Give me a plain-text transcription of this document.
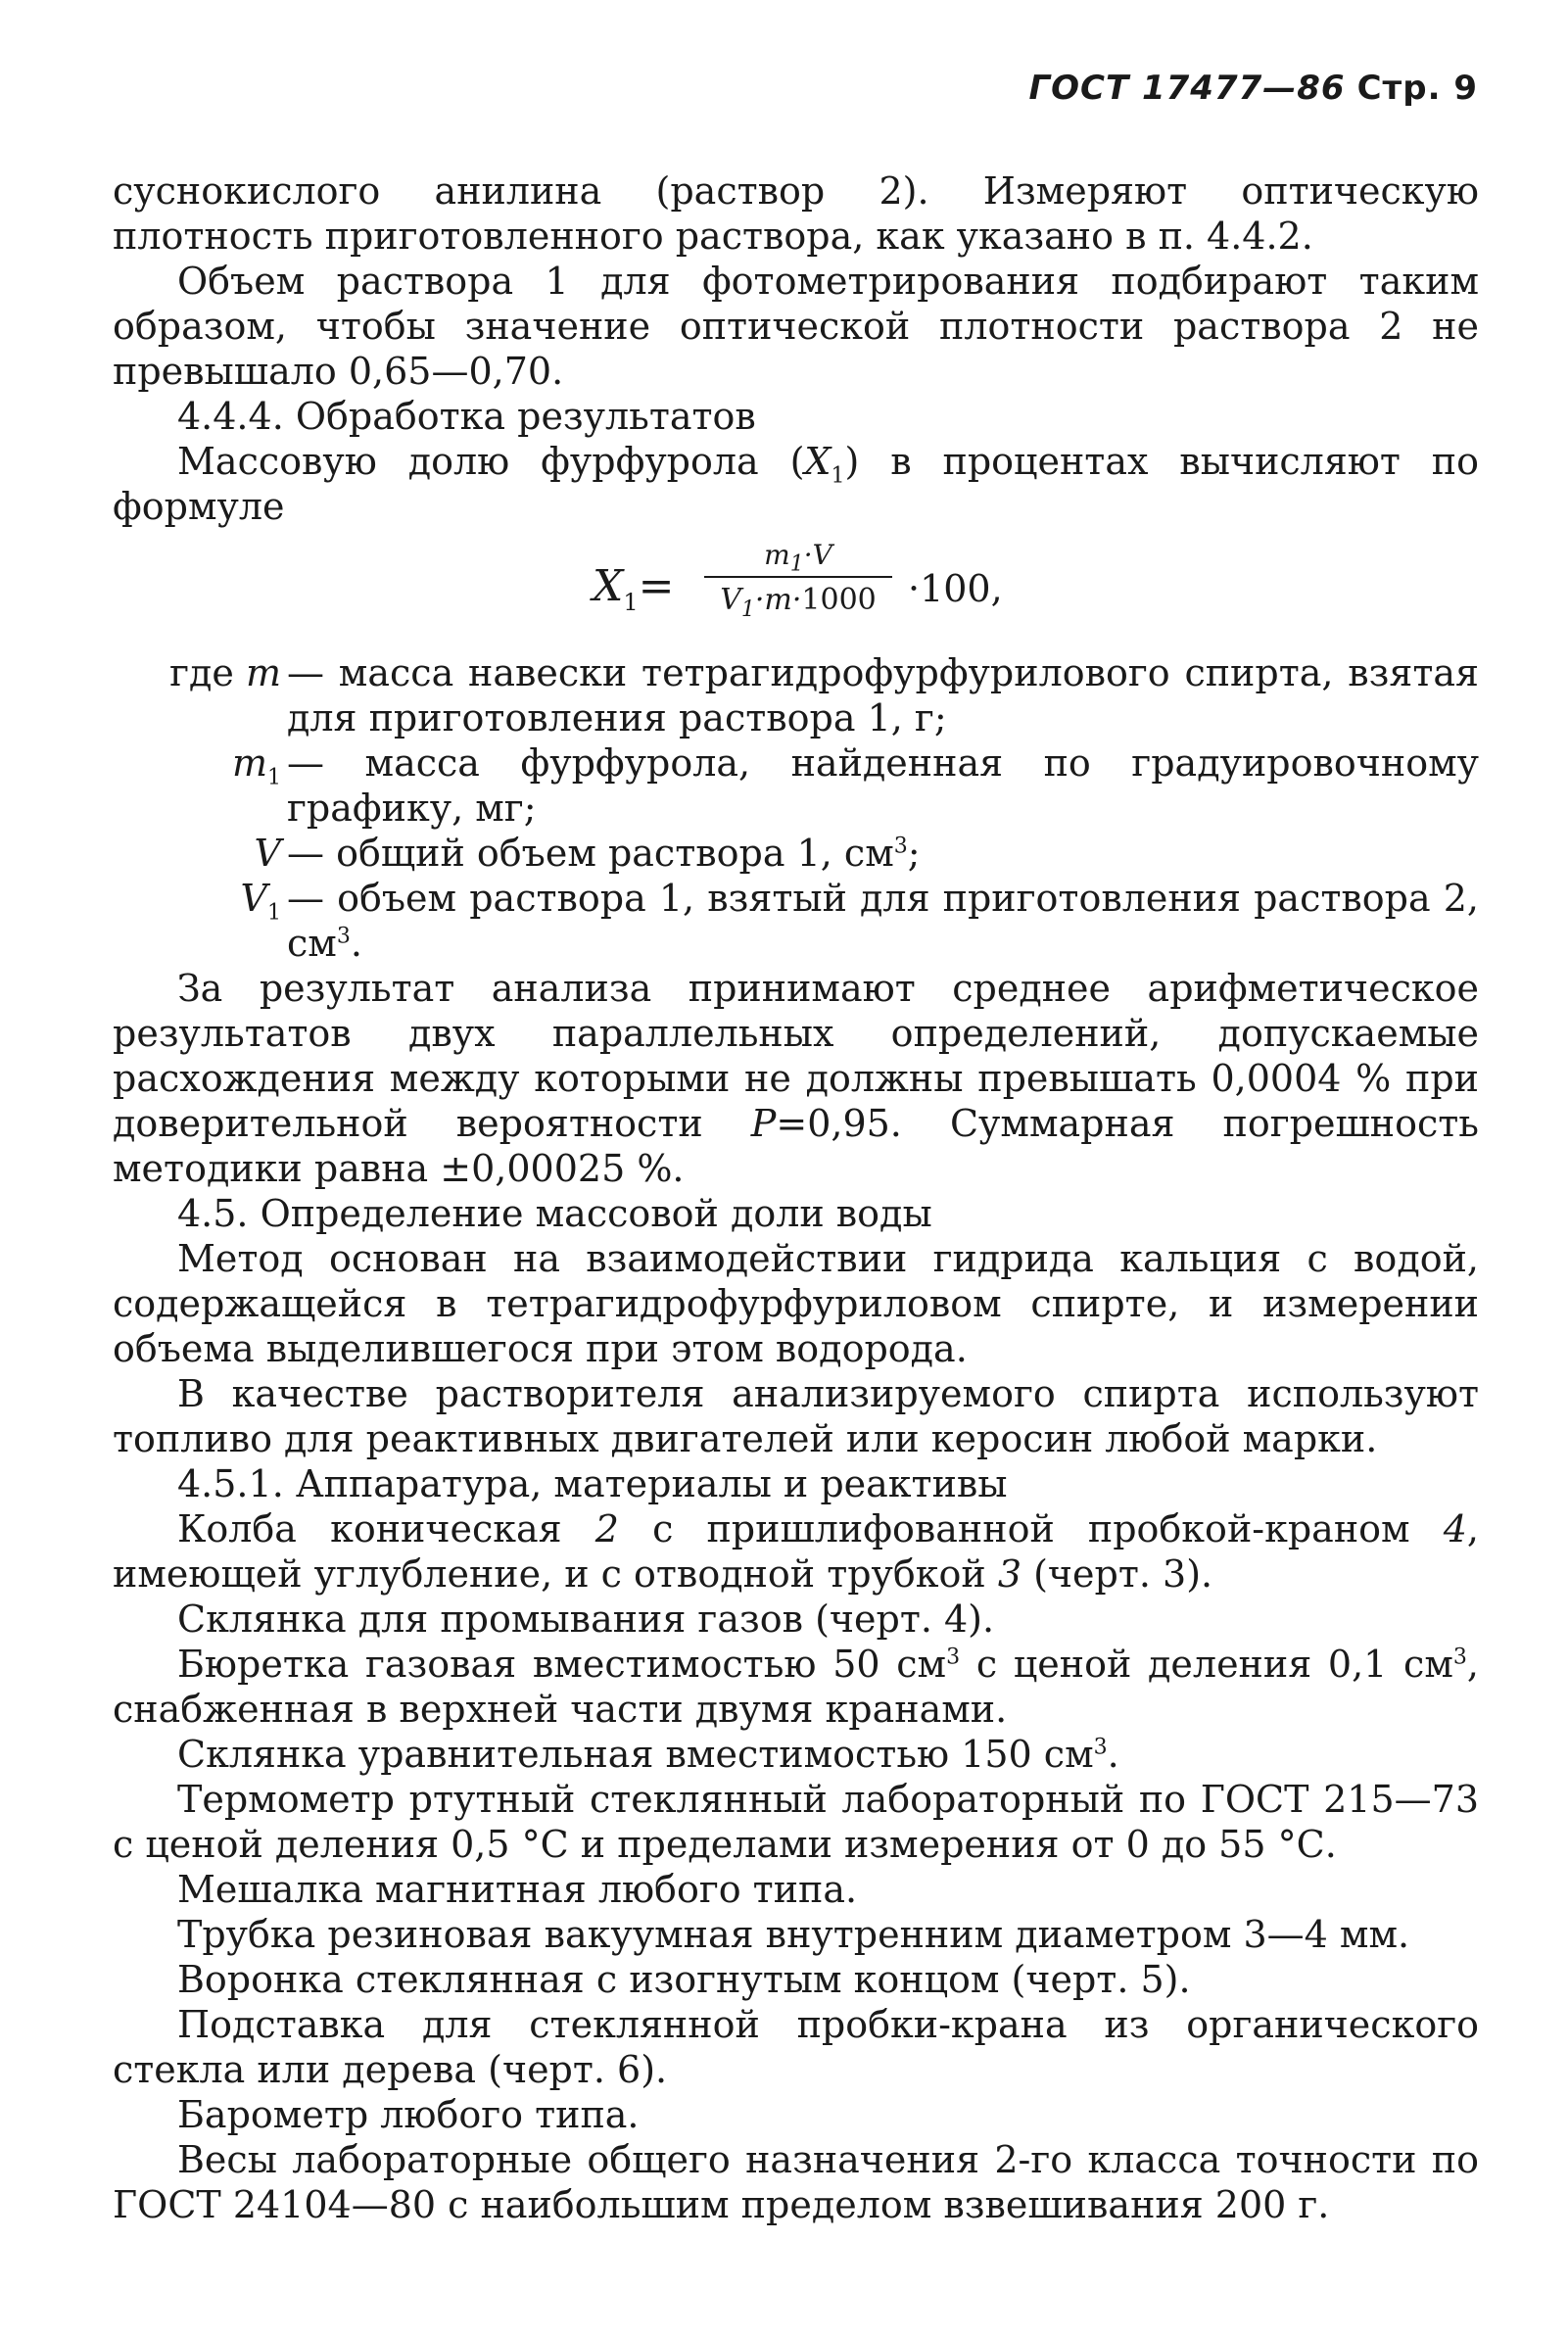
ГОСТ 17477—86 Стр. 9

суснокислого анилина (раствор 2). Измеряют оптическую плотность приготовленного раствора, как указано в п. 4.4.2.

Объем раствора 1 для фотометрирования подбирают таким образом, чтобы значение оптической плотности раствора 2 не превышало 0,65—0,70.

4.4.4. Обработка результатов

Массовую долю фурфурола $(X_1)$ в процентах вычисляют по формуле

$X_1=$
$m_1\cdot V$
$V_1\cdot m\cdot 1000 \cdot 100$,
где m — масса навески тетрагидрофурфурилового спирта, взятая для приготовления раствора 1, г;
$m_1$ — масса фурфурола, найденная по градуировочному графику, мг;
V — общий объем раствора 1, $см^3$;
$V_1$ — объем раствора 1, взятый для приготовления раствора 2, $см^3$.

За результат анализа принимают среднее арифметическое результатов двух параллельных определений, допускаемые расхождения между которыми не должны превышать 0,0004 % при доверительной вероятности P=0,95. Суммарная погрешность методики равна ±0,00025 %.

4.5. Определение массовой доли воды

Метод основан на взаимодействии гидрида кальция с водой, содержащейся в тетрагидрофурфуриловом спирте, и измерении объема выделившегося при этом водорода.

В качестве растворителя анализируемого спирта используют топливо для реактивных двигателей или керосин любой марки.

4.5.1. Аппаратура, материалы и реактивы

Колба коническая 2 с пришлифованной пробкой-краном 4, имеющей углубление, и с отводной трубкой 3 (черт. 3).

Склянка для промывания газов (черт. 4).

Бюретка газовая вместимостью 50 $см^3$ с ценой деления 0,1 $см^3$, снабженная в верхней части двумя кранами.

Склянка уравнительная вместимостью 150 $см^3$.

Термометр ртутный стеклянный лабораторный по ГОСТ 215—73 с ценой деления 0,5 °С и пределами измерения от 0 до 55 °С.

Мешалка магнитная любого типа.

Трубка резиновая вакуумная внутренним диаметром 3—4 мм.

Воронка стеклянная с изогнутым концом (черт. 5).

Подставка для стеклянной пробки-крана из органического стекла или дерева (черт. 6).

Барометр любого типа.

Весы лабораторные общего назначения 2-го класса точности по ГОСТ 24104—80 с наибольшим пределом взвешивания 200 г.
